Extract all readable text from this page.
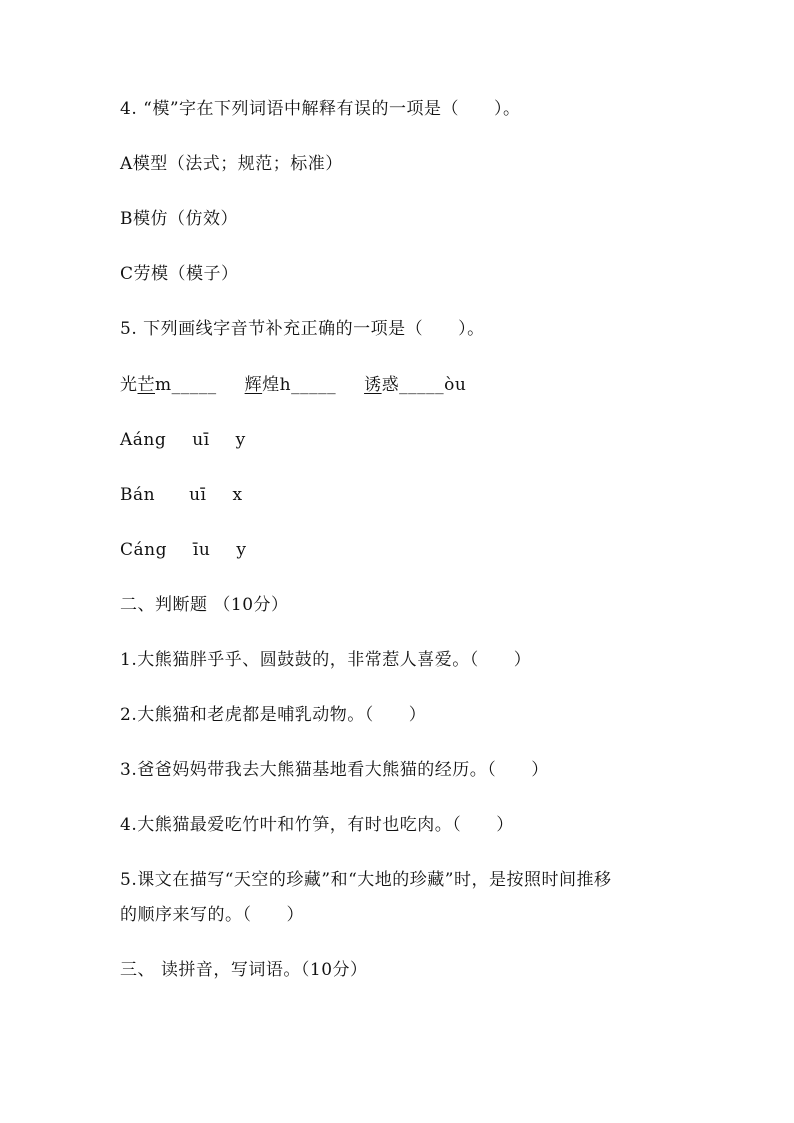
4. “模”字在下列词语中解释有误的一项是（　　）。
A模型（法式；规范；标准）
B模仿（仿效）
C劳模（模子）
5. 下列画线字音节补充正确的一项是（　　）。
光芒m_____ 辉煌h_____ 诱惑_____òu
Aáng uī y
Bán uī x
Cáng īu y
二、判断题 （10分）
1.大熊猫胖乎乎、圆鼓鼓的，非常惹人喜爱。（　　）
2.大熊猫和老虎都是哺乳动物。（　　）
3.爸爸妈妈带我去大熊猫基地看大熊猫的经历。（　　）
4.大熊猫最爱吃竹叶和竹笋，有时也吃肉。（　　）
5.课文在描写“天空的珍藏”和“大地的珍藏”时，是按照时间推移
的顺序来写的。（　　）
三、 读拼音，写词语。（10分）
